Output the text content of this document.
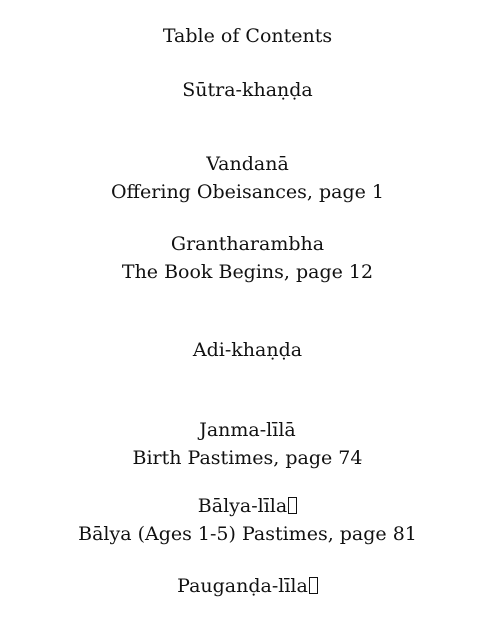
Table of Contents
Sūtra-khaṇḍa
Vandanā
Offering Obeisances, page 1
Grantharambha
The Book Begins, page 12
Adi-khaṇḍa
Janma-līlā
Birth Pastimes, page 74
Bālya-līla
Bālya (Ages 1-5) Pastimes, page 81
Pauganḍa-līla
